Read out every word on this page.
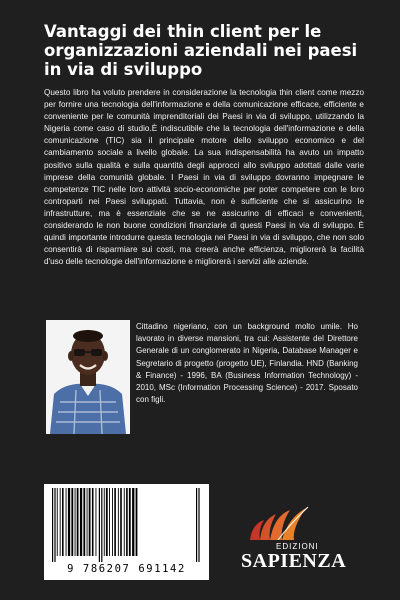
Vantaggi dei thin client per le organizzazioni aziendali nei paesi in via di sviluppo

Questo libro ha voluto prendere in considerazione la tecnologia thin client come mezzo per fornire una tecnologia dell'informazione e della comunicazione efficace, efficiente e conveniente per le comunità imprenditoriali dei Paesi in via di sviluppo, utilizzando la Nigeria come caso di studio.È indiscutibile che la tecnologia dell'informazione e della comunicazione (TIC) sia il principale motore dello sviluppo economico e del cambiamento sociale a livello globale. La sua indispensabilità ha avuto un impatto positivo sulla qualità e sulla quantità degli approcci allo sviluppo adottati dalle varie imprese della comunità globale. I Paesi in via di sviluppo dovranno impegnare le competenze TIC nelle loro attività socio-economiche per poter competere con le loro controparti nei Paesi sviluppati. Tuttavia, non è sufficiente che si assicurino le infrastrutture, ma è essenziale che se ne assicurino di efficaci e convenienti, considerando le non buone condizioni finanziarie di questi Paesi in via di sviluppo. È quindi importante introdurre questa tecnologia nei Paesi in via di sviluppo, che non solo consentirà di risparmiare sui costi, ma creerà anche efficienza, migliorerà la facilità d'uso delle tecnologie dell'informazione e migliorerà i servizi alle aziende.

Cittadino nigeriano, con un background molto umile. Ho lavorato in diverse mansioni, tra cui: Assistente del Direttore Generale di un conglomerato in Nigeria, Database Manager e Segretario di progetto (progetto UE), Finlandia. HND (Banking & Finance) - 1996, BA (Business Information Technology) - 2010, MSc (Information Processing Science) - 2017. Sposato con figli.

9 786207 691142
EDIZIONI
SAPIENZA
